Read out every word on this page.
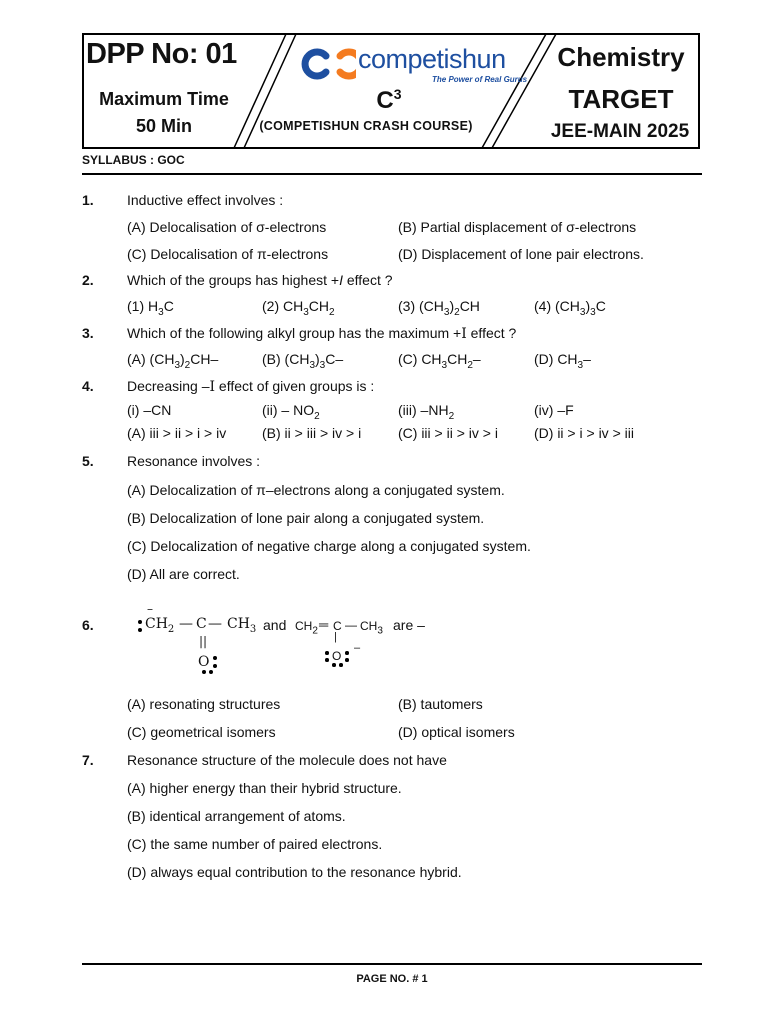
DPP No: 01
Maximum Time
50 Min
competishun
The Power of Real Gurus
$C^3$
(COMPETISHUN CRASH COURSE)
Chemistry
TARGET
JEE-MAIN 2025
SYLLABUS : GOC
1. Inductive effect involves :
(A) Delocalisation of σ-electrons	(B) Partial displacement of σ-electrons
(C) Delocalisation of π-electrons	(D) Displacement of lone pair electrons.
2. Which of the groups has highest +I effect ?
(1) $H_3C$	(2) $CH_3CH_2$	(3) $(CH_3)_2CH$	(4) $(CH_3)_3C$
3. Which of the following alkyl group has the maximum +I effect ?
(A) $(CH_3)_2CH-$	(B) $(CH_3)_3C-$	(C) $CH_3CH_2-$	(D) $CH_3-$
4. Decreasing –I effect of given groups is :
(i) –CN	$(ii) - NO_2$	(iii) $-NH_2$	(iv) –F
(A) iii > ii > i > iv	(B) ii > iii > iv > i	(C) iii > ii > iv > i	(D) ii > i > iv > iii
5. Resonance involves :
(A) Delocalization of π–electrons along a conjugated system.
(B) Delocalization of lone pair along a conjugated system.
(C) Delocalization of negative charge along a conjugated system.
(D) All are correct.
6.
–
$CH_2$ — C — $CH_3$
||
O
and $CH_2$ ═ C — $CH_3$
|
O
–
are –
(A) resonating structures	(B) tautomers
(C) geometrical isomers	(D) optical isomers
7. Resonance structure of the molecule does not have
(A) higher energy than their hybrid structure.
(B) identical arrangement of atoms.
(C) the same number of paired electrons.
(D) always equal contribution to the resonance hybrid.
PAGE NO. # 1
